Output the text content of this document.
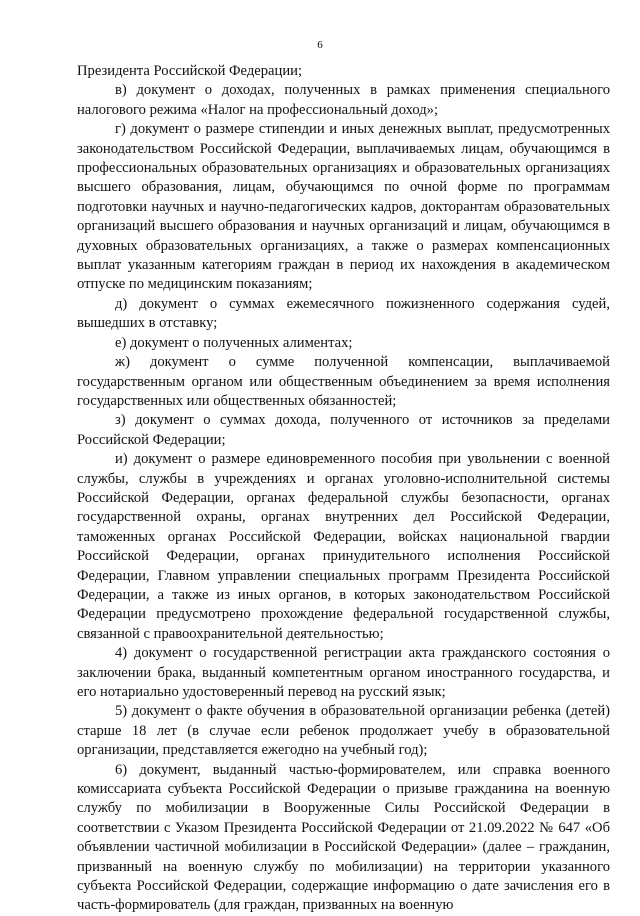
6

Президента Российской Федерации;

в) документ о доходах, полученных в рамках применения специального налогового режима «Налог на профессиональный доход»;

г) документ о размере стипендии и иных денежных выплат, предусмотренных законодательством Российской Федерации, выплачиваемых лицам, обучающимся в профессиональных образовательных организациях и образовательных организациях высшего образования, лицам, обучающимся по очной форме по программам подготовки научных и научно-педагогических кадров, докторантам образовательных организаций высшего образования и научных организаций и лицам, обучающимся в духовных образовательных организациях, а также о размерах компенсационных выплат указанным категориям граждан в период их нахождения в академическом отпуске по медицинским показаниям;

д) документ о суммах ежемесячного пожизненного содержания судей, вышедших в отставку;

е) документ о полученных алиментах;

ж) документ о сумме полученной компенсации, выплачиваемой государственным органом или общественным объединением за время исполнения государственных или общественных обязанностей;

з) документ о суммах дохода, полученного от источников за пределами Российской Федерации;

и) документ о размере единовременного пособия при увольнении с военной службы, службы в учреждениях и органах уголовно-исполнительной системы Российской Федерации, органах федеральной службы безопасности, органах государственной охраны, органах внутренних дел Российской Федерации, таможенных органах Российской Федерации, войсках национальной гвардии Российской Федерации, органах принудительного исполнения Российской Федерации, Главном управлении специальных программ Президента Российской Федерации, а также из иных органов, в которых законодательством Российской Федерации предусмотрено прохождение федеральной государственной службы, связанной с правоохранительной деятельностью;

4) документ о государственной регистрации акта гражданского состояния о заключении брака, выданный компетентным органом иностранного государства, и его нотариально удостоверенный перевод на русский язык;

5) документ о факте обучения в образовательной организации ребенка (детей) старше 18 лет (в случае если ребенок продолжает учебу в образовательной организации, представляется ежегодно на учебный год);

6) документ, выданный частью-формирователем, или справка военного комиссариата субъекта Российской Федерации о призыве гражданина на военную службу по мобилизации в Вооруженные Силы Российской Федерации в соответствии с Указом Президента Российской Федерации от 21.09.2022 № 647 «Об объявлении частичной мобилизации в Российской Федерации» (далее – гражданин, призванный на военную службу по мобилизации) на территории указанного субъекта Российской Федерации, содержащие информацию о дате зачисления его в часть-формирователь (для граждан, призванных на военную
